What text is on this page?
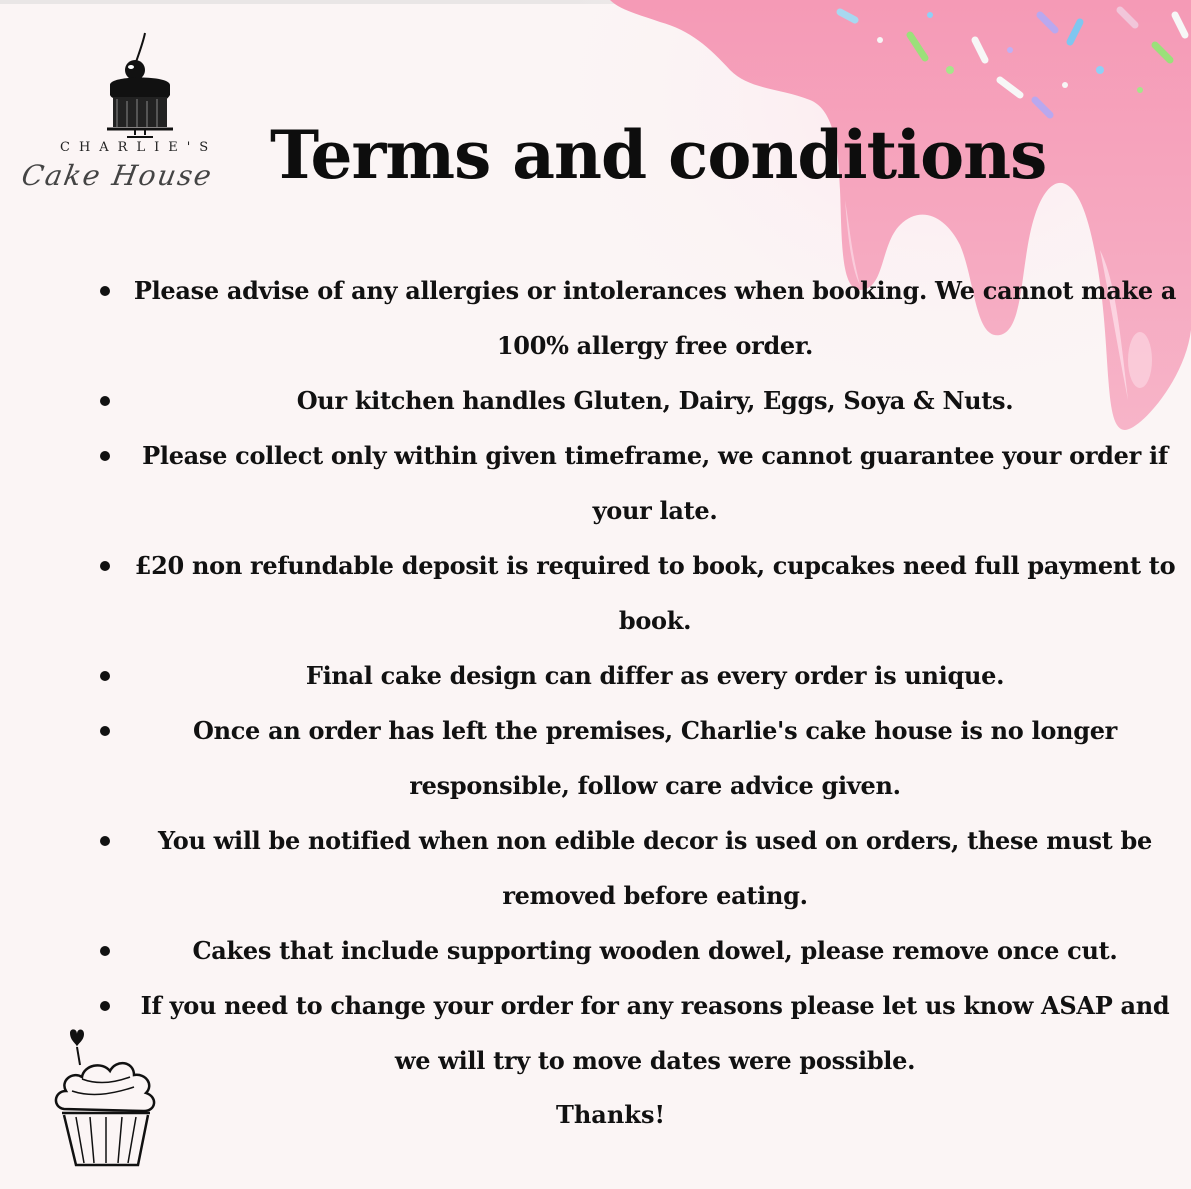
CHARLIE'S
Cake House Terms and conditions
Please advise of any allergies or intolerances when booking. We cannot make a 100% allergy free order.
Our kitchen handles Gluten, Dairy, Eggs, Soya & Nuts.
Please collect only within given timeframe, we cannot guarantee your order if your late.
£20 non refundable deposit is required to book, cupcakes need full payment to book.
Final cake design can differ as every order is unique.
Once an order has left the premises, Charlie's cake house is no longer responsible, follow care advice given.
You will be notified when non edible decor is used on orders, these must be removed before eating.
Cakes that include supporting wooden dowel, please remove once cut.
If you need to change your order for any reasons please let us know ASAP and we will try to move dates were possible.
Thanks!
